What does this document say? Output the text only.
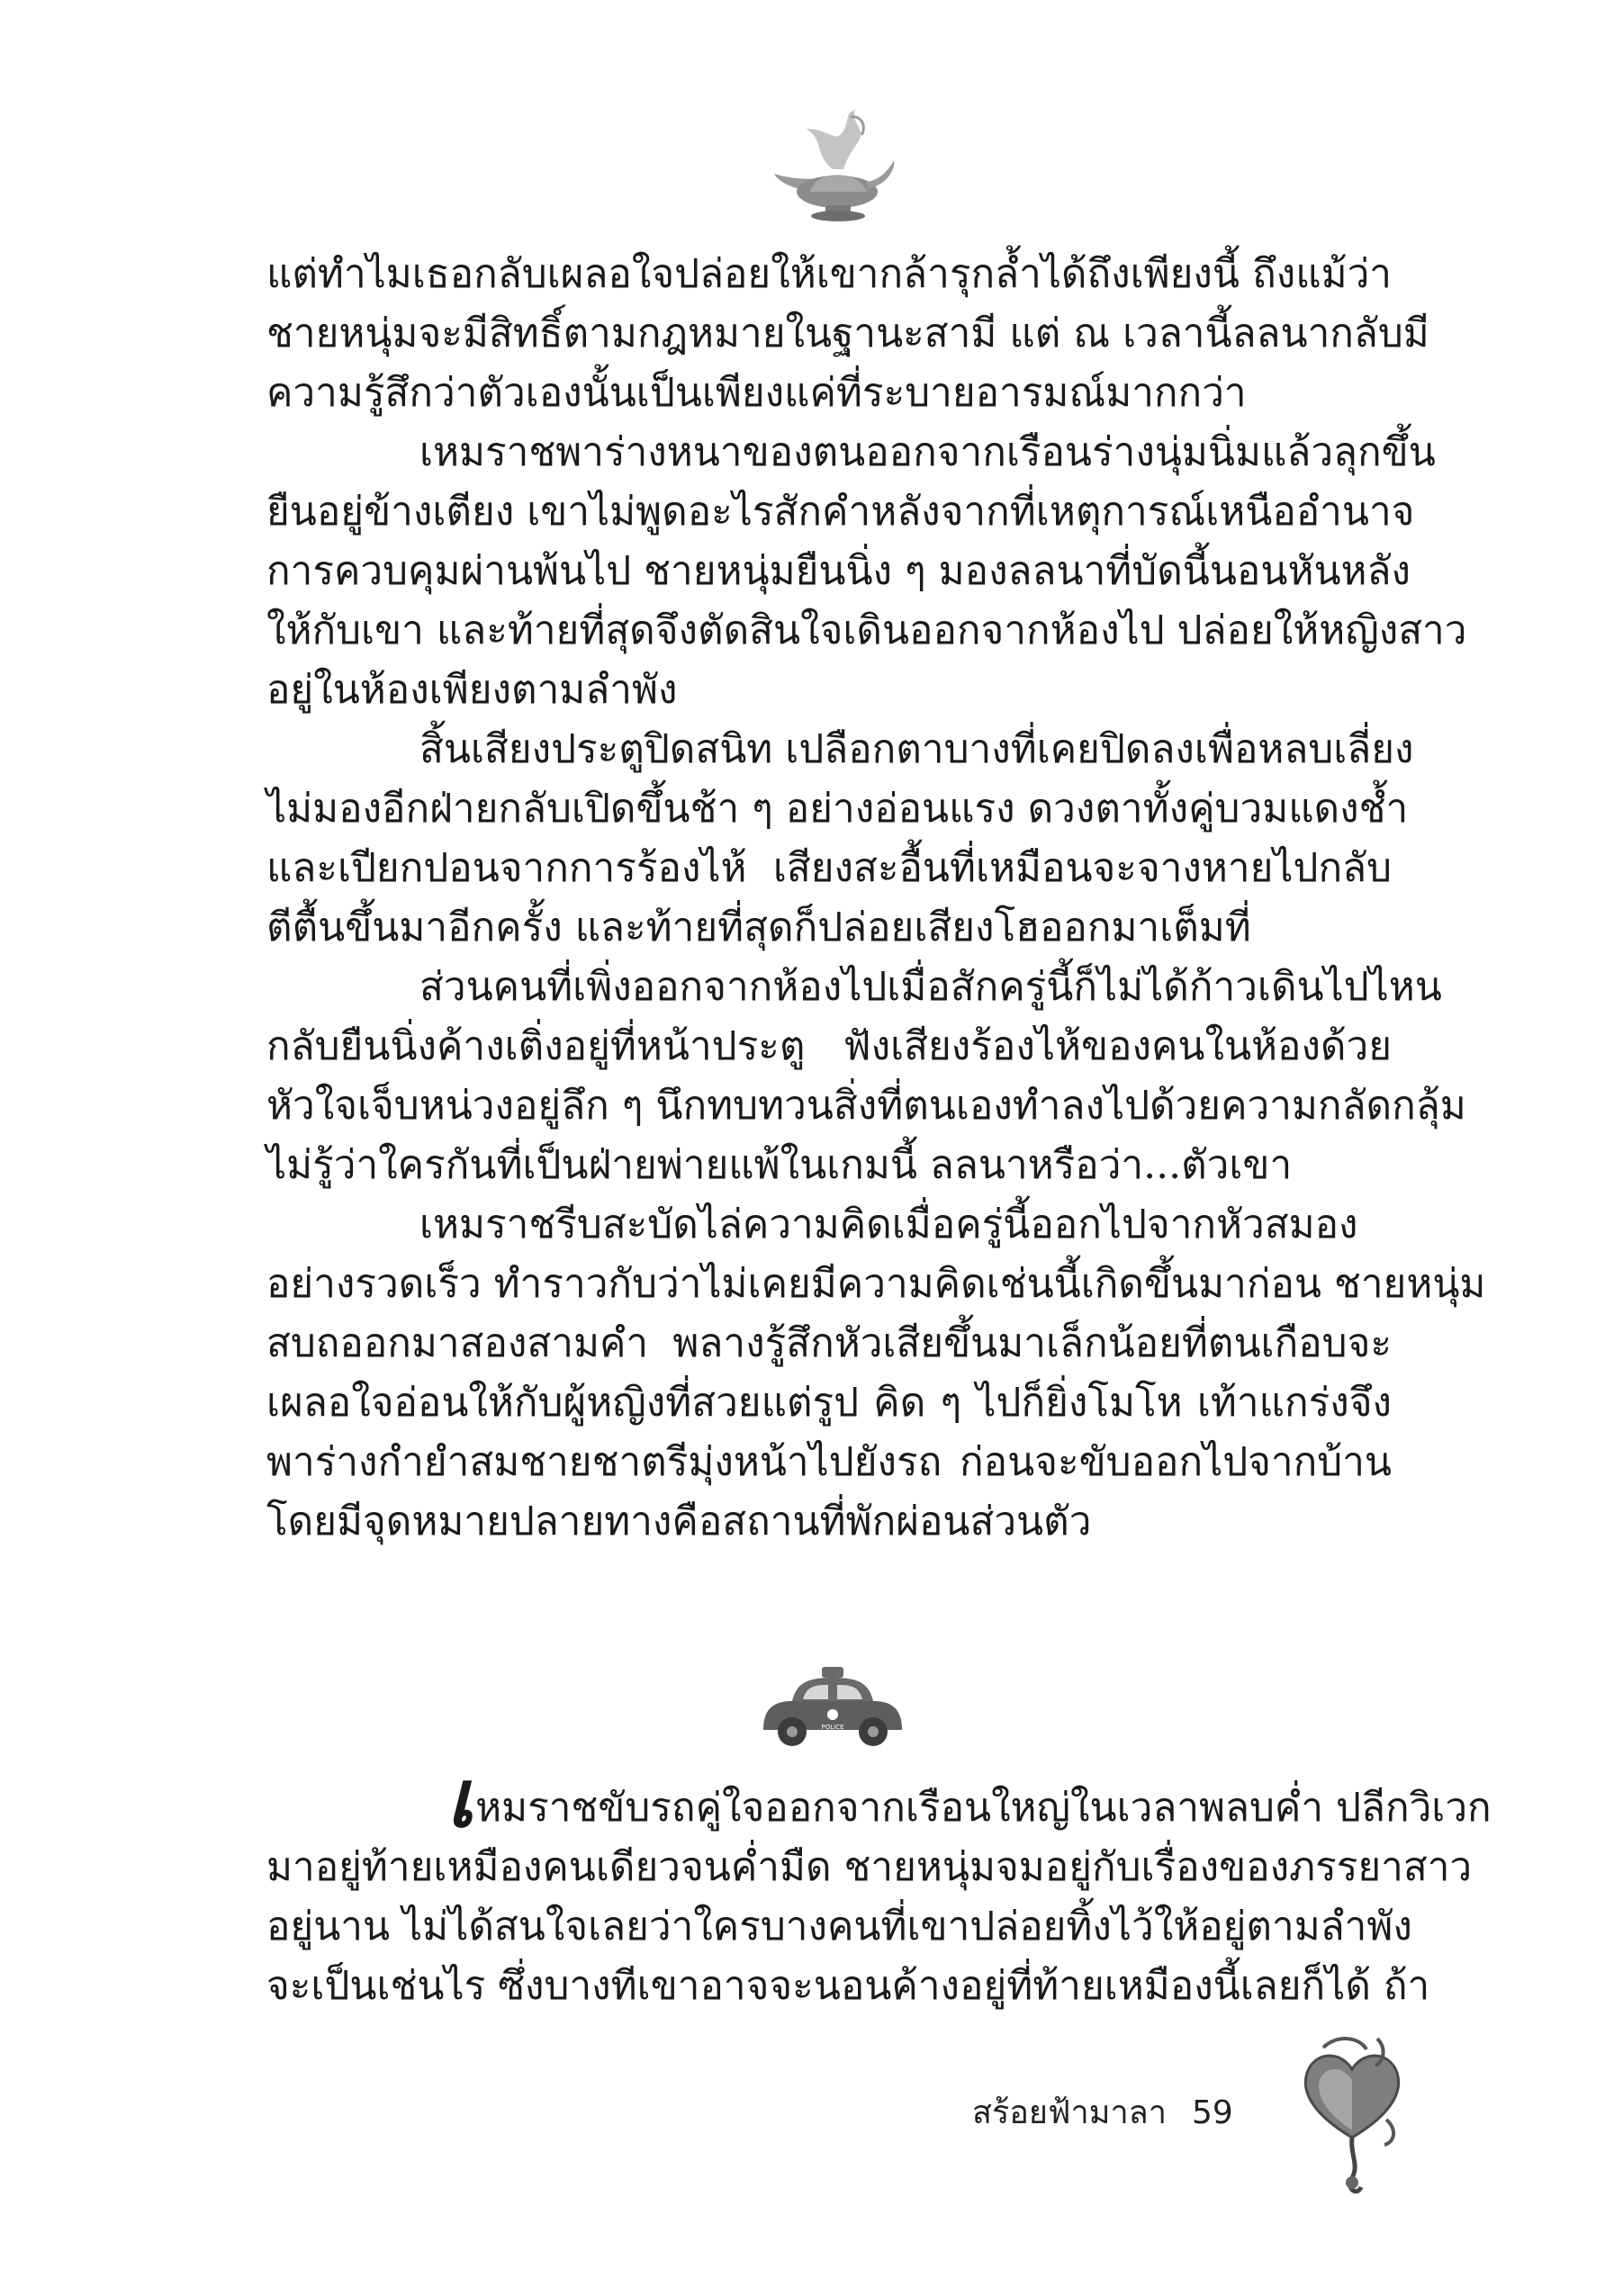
แต่ทำไมเธอกลับเผลอใจปล่อยให้เขากล้ารุกล้ำได้ถึงเพียงนี้ ถึงแม้ว่า
ชายหนุ่มจะมีสิทธิ์ตามกฎหมายในฐานะสามี แต่ ณ เวลานี้ลลนากลับมี
ความรู้สึกว่าตัวเองนั้นเป็นเพียงแค่ที่ระบายอารมณ์มากกว่า
เหมราชพาร่างหนาของตนออกจากเรือนร่างนุ่มนิ่มแล้วลุกขึ้น
ยืนอยู่ข้างเตียง เขาไม่พูดอะไรสักคำหลังจากที่เหตุการณ์เหนืออำนาจ
การควบคุมผ่านพ้นไป ชายหนุ่มยืนนิ่ง ๆ มองลลนาที่บัดนี้นอนหันหลัง
ให้กับเขา และท้ายที่สุดจึงตัดสินใจเดินออกจากห้องไป ปล่อยให้หญิงสาว
อยู่ในห้องเพียงตามลำพัง
สิ้นเสียงประตูปิดสนิท เปลือกตาบางที่เคยปิดลงเพื่อหลบเลี่ยง
ไม่มองอีกฝ่ายกลับเปิดขึ้นช้า ๆ อย่างอ่อนแรง ดวงตาทั้งคู่บวมแดงช้ำ
และเปียกปอนจากการร้องไห้ เสียงสะอื้นที่เหมือนจะจางหายไปกลับ
ตีตื้นขึ้นมาอีกครั้ง และท้ายที่สุดก็ปล่อยเสียงโฮออกมาเต็มที่
ส่วนคนที่เพิ่งออกจากห้องไปเมื่อสักครู่นี้ก็ไม่ได้ก้าวเดินไปไหน
กลับยืนนิ่งค้างเติ่งอยู่ที่หน้าประตู ฟังเสียงร้องไห้ของคนในห้องด้วย
หัวใจเจ็บหน่วงอยู่ลึก ๆ นึกทบทวนสิ่งที่ตนเองทำลงไปด้วยความกลัดกลุ้ม
ไม่รู้ว่าใครกันที่เป็นฝ่ายพ่ายแพ้ในเกมนี้ ลลนาหรือว่า...ตัวเขา
เหมราชรีบสะบัดไล่ความคิดเมื่อครู่นี้ออกไปจากหัวสมอง
อย่างรวดเร็ว ทำราวกับว่าไม่เคยมีความคิดเช่นนี้เกิดขึ้นมาก่อน ชายหนุ่ม
สบถออกมาสองสามคำ พลางรู้สึกหัวเสียขึ้นมาเล็กน้อยที่ตนเกือบจะ
เผลอใจอ่อนให้กับผู้หญิงที่สวยแต่รูป คิด ๆ ไปก็ยิ่งโมโห เท้าแกร่งจึง
พาร่างกำยำสมชายชาตรีมุ่งหน้าไปยังรถ ก่อนจะขับออกไปจากบ้าน
โดยมีจุดหมายปลายทางคือสถานที่พักผ่อนส่วนตัว
POLICE
เหมราชขับรถคู่ใจออกจากเรือนใหญ่ในเวลาพลบค่ำ ปลีกวิเวก
มาอยู่ท้ายเหมืองคนเดียวจนค่ำมืด ชายหนุ่มจมอยู่กับเรื่องของภรรยาสาว
อยู่นาน ไม่ได้สนใจเลยว่าใครบางคนที่เขาปล่อยทิ้งไว้ให้อยู่ตามลำพัง
จะเป็นเช่นไร ซึ่งบางทีเขาอาจจะนอนค้างอยู่ที่ท้ายเหมืองนี้เลยก็ได้ ถ้า
สร้อยฟ้ามาลา 59
